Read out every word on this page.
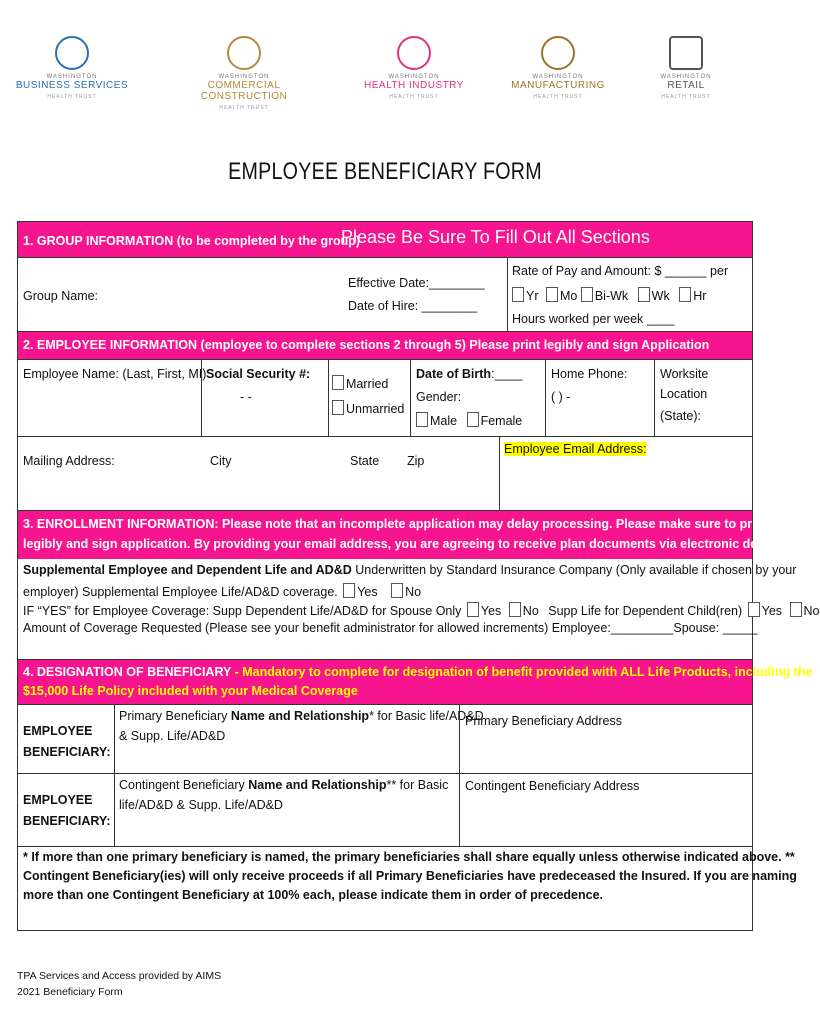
WASHINGTON
BUSINESS SERVICES
HEALTH TRUST
WASHINGTON
COMMERCIAL CONSTRUCTION
HEALTH TRUST
WASHINGTON
HEALTH INDUSTRY
HEALTH TRUST
WASHINGTON
MANUFACTURING
HEALTH TRUST
WASHINGTON
RETAIL
HEALTH TRUST
EMPLOYEE BENEFICIARY FORM
1. GROUP INFORMATION (to be completed by the group)
Please Be Sure To Fill Out All Sections
Group Name:
Effective Date:________
Date of Hire: ________
Rate of Pay and Amount: $ ______ per
Yr Mo Bi-Wk Wk Hr
Hours worked per week ____
2. EMPLOYEE INFORMATION (employee to complete sections 2 through 5) Please print legibly and sign Application
Employee Name: (Last, First, MI) Social Security #:
- -
Married
Unmarried
Date of Birth:____
Gender:
Male Female
Home Phone:
( ) -
Worksite
Location
(State):
Mailing Address:	City	State Zip
Employee Email Address:
3. ENROLLMENT INFORMATION: Please note that an incomplete application may delay processing. Please make sure to print
legibly and sign application. By providing your email address, you are agreeing to receive plan documents via electronic delivery.
Supplemental Employee and Dependent Life and AD&D Underwritten by Standard Insurance Company (Only available if chosen by your
employer) Supplemental Employee Life/AD&D coverage. Yes No
IF “YES” for Employee Coverage: Supp Dependent Life/AD&D for Spouse Only Yes No Supp Life for Dependent Child(ren) Yes No
Amount of Coverage Requested (Please see your benefit administrator for allowed increments) Employee:_________Spouse: _____
4. DESIGNATION OF BENEFICIARY - Mandatory to complete for designation of benefit provided with ALL Life Products, including the
$15,000 Life Policy included with your Medical Coverage
EMPLOYEE
BENEFICIARY:
Primary Beneficiary Name and Relationship* for Basic life/AD&D
& Supp. Life/AD&D
Primary Beneficiary Address
EMPLOYEE
BENEFICIARY:
Contingent Beneficiary Name and Relationship** for Basic
life/AD&D & Supp. Life/AD&D
Contingent Beneficiary Address
* If more than one primary beneficiary is named, the primary beneficiaries shall share equally unless otherwise indicated above. **
Contingent Beneficiary(ies) will only receive proceeds if all Primary Beneficiaries have predeceased the Insured. If you are naming
more than one Contingent Beneficiary at 100% each, please indicate them in order of precedence.
TPA Services and Access provided by AIMS
2021 Beneficiary Form
